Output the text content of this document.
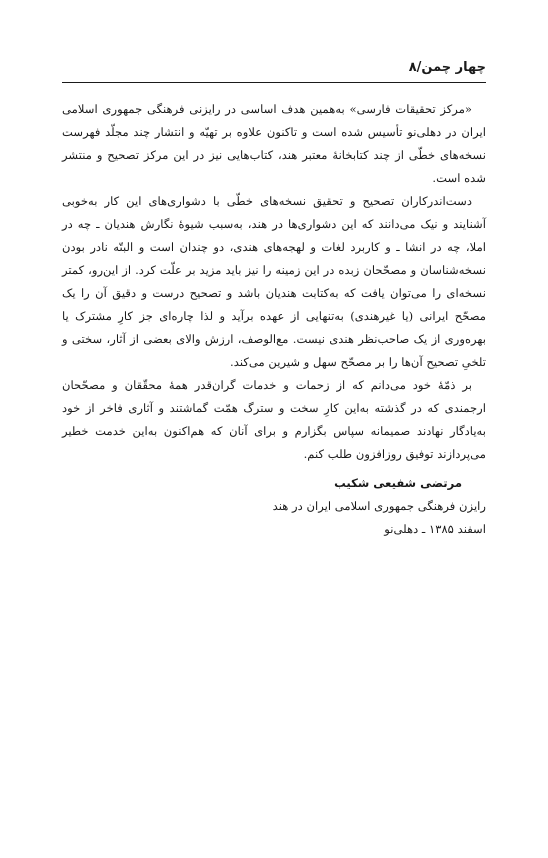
چهار چمن/۸

«مرکز تحقیقات فارسی» به‌همین هدف اساسی در رایزنی فرهنگی جمهوری اسلامی ایران در دهلی‌نو تأسیس شده است و تاکنون علاوه بر تهیّه و انتشار چند مجلّد فهرست نسخه‌های خطّی از چند کتابخانهٔ معتبر هند، کتاب‌هایی نیز در این مرکز تصحیح و منتشر شده است.

دست‌اندرکاران تصحیح و تحقیق نسخه‌های خطّی با دشواری‌های این کار به‌خوبی آشنایند و نیک می‌دانند که این دشواری‌ها در هند، به‌سبب شیوهٔ نگارش هندیان ـ چه در املا، چه در انشا ـ و کاربرد لغات و لهجه‌های هندی، دو چندان است و البتّه نادر بودن نسخه‌شناسان و مصحّحان زبده در این زمینه را نیز باید مزید بر علّت کرد. از این‌رو، کمتر نسخه‌ای را می‌توان یافت که به‌کتابت هندیان باشد و تصحیح درست و دقیق آن را یک مصحّح ایرانی (یا غیرهندی) به‌تنهایی از عهده برآید و لذا چاره‌ای جز کارِ مشترک یا بهره‌وری از یک صاحب‌نظر هندی نیست. مع‌الوصف، ارزش والای بعضی از آثار، سختی و تلخیِ تصحیح آن‌ها را بر مصحّح سهل و شیرین می‌کند.

بر ذمّهٔ خود می‌دانم که از زحمات و خدمات گران‌قدر همهٔ محقّقان و مصحّحان ارجمندی که در گذشته به‌این کارِ سخت و سترگ همّت گماشتند و آثاری فاخر از خود به‌یادگار نهادند صمیمانه سپاس بگزارم و برای آنان که هم‌اکنون به‌این خدمت خطیر می‌پردازند توفیق روزافزون طلب کنم.

مرتضی شفیعی شکیب
رایزن فرهنگی جمهوری اسلامی ایران در هند
اسفند ۱۳۸۵ ـ دهلی‌نو
